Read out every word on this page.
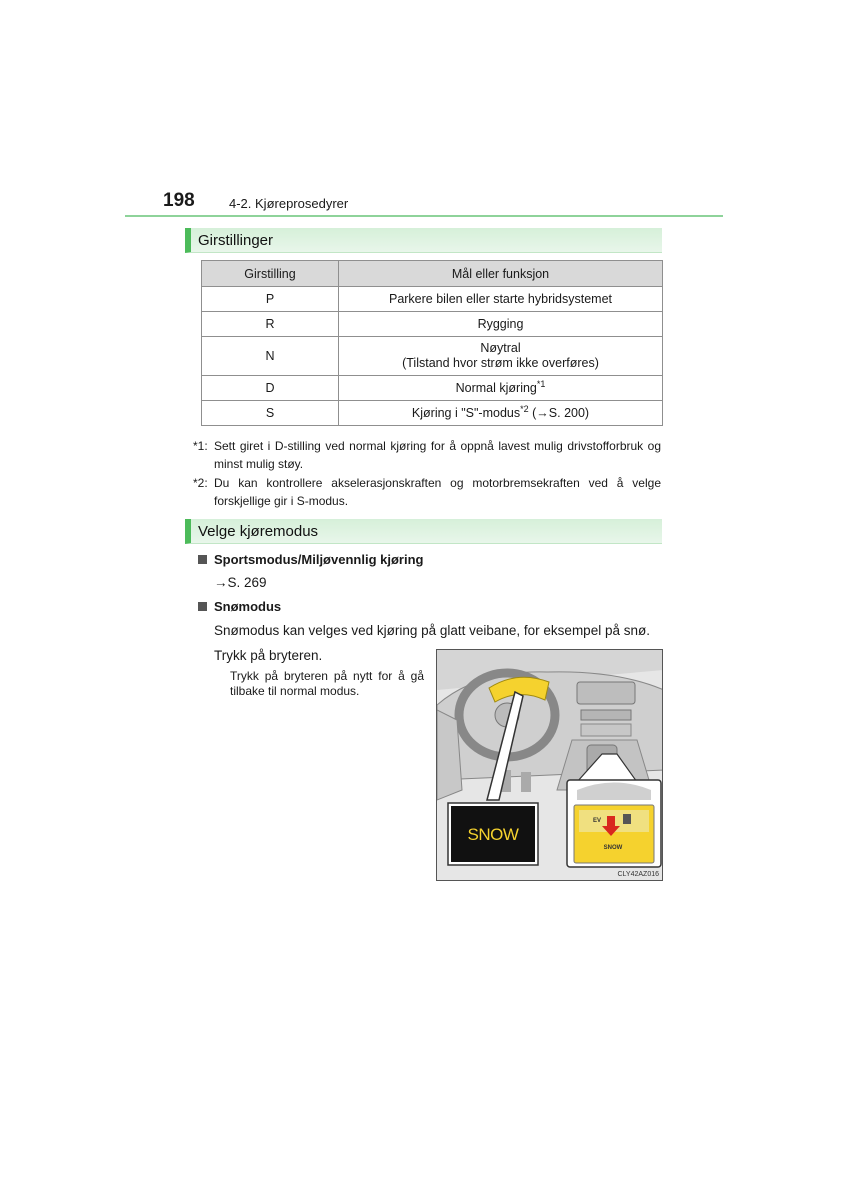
198	4-2. Kjøreprosedyrer
Girstillinger
Girstilling	Mål eller funksjon
P	Parkere bilen eller starte hybridsystemet
R	Rygging
N	Nøytral
(Tilstand hvor strøm ikke overføres)
D	Normal kjøring$^{*1}$
S	Kjøring i "S"-modus$^{*2}$ (→S. 200)
*1: Sett giret i D-stilling ved normal kjøring for å oppnå lavest mulig drivstofforbruk og minst mulig støy.
*2: Du kan kontrollere akselerasjonskraften og motorbremsekraften ved å velge forskjellige gir i S-modus.
Velge kjøremodus
Sportsmodus/Miljøvennlig kjøring
→S. 269
Snømodus
Snømodus kan velges ved kjøring på glatt veibane, for eksempel på snø.
Trykk på bryteren.
Trykk på bryteren på nytt for å gå tilbake til normal modus.
SNOW
EV
SNOW
CLY42AZ016
